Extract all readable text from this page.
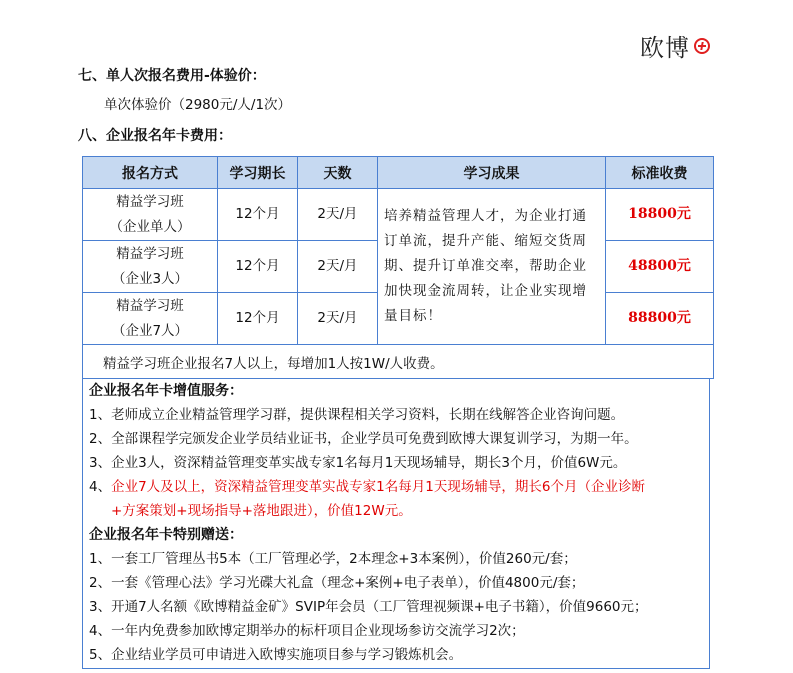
欧博
七、单人次报名费用-体验价：
单次体验价（2980元/人/1次）
八、企业报名年卡费用：
报名方式	学习期长	天数	学习成果	标准收费

精益学习班
（企业单人）	12个月	2天/月	培养精益管理人才，为企业打通订单流，提升产能、缩短交货周期、提升订单准交率，帮助企业加快现金流周转，让企业实现增量目标！	18800元

精益学习班
（企业3人）	12个月	2天/月		48800元

精益学习班
（企业7人）	12个月	2天/月		88800元
精益学习班企业报名7人以上，每增加1人按1W/人收费。				
企业报名年卡增值服务：
1、老师成立企业精益管理学习群，提供课程相关学习资料，长期在线解答企业咨询问题。
2、全部课程学完颁发企业学员结业证书，企业学员可免费到欧博大课复训学习，为期一年。
3、企业3人，资深精益管理变革实战专家1名每月1天现场辅导，期长3个月，价值6W元。
4、企业7人及以上，资深精益管理变革实战专家1名每月1天现场辅导，期长6个月（企业诊断
+方案策划+现场指导+落地跟进），价值12W元。
企业报名年卡特别赠送：
1、一套工厂管理丛书5本（工厂管理必学，2本理念+3本案例），价值260元/套；
2、一套《管理心法》学习光碟大礼盒（理念+案例+电子表单），价值4800元/套；
3、开通7人名额《欧博精益金矿》SVIP年会员（工厂管理视频课+电子书籍），价值9660元；
4、一年内免费参加欧博定期举办的标杆项目企业现场参访交流学习2次；
5、企业结业学员可申请进入欧博实施项目参与学习锻炼机会。
